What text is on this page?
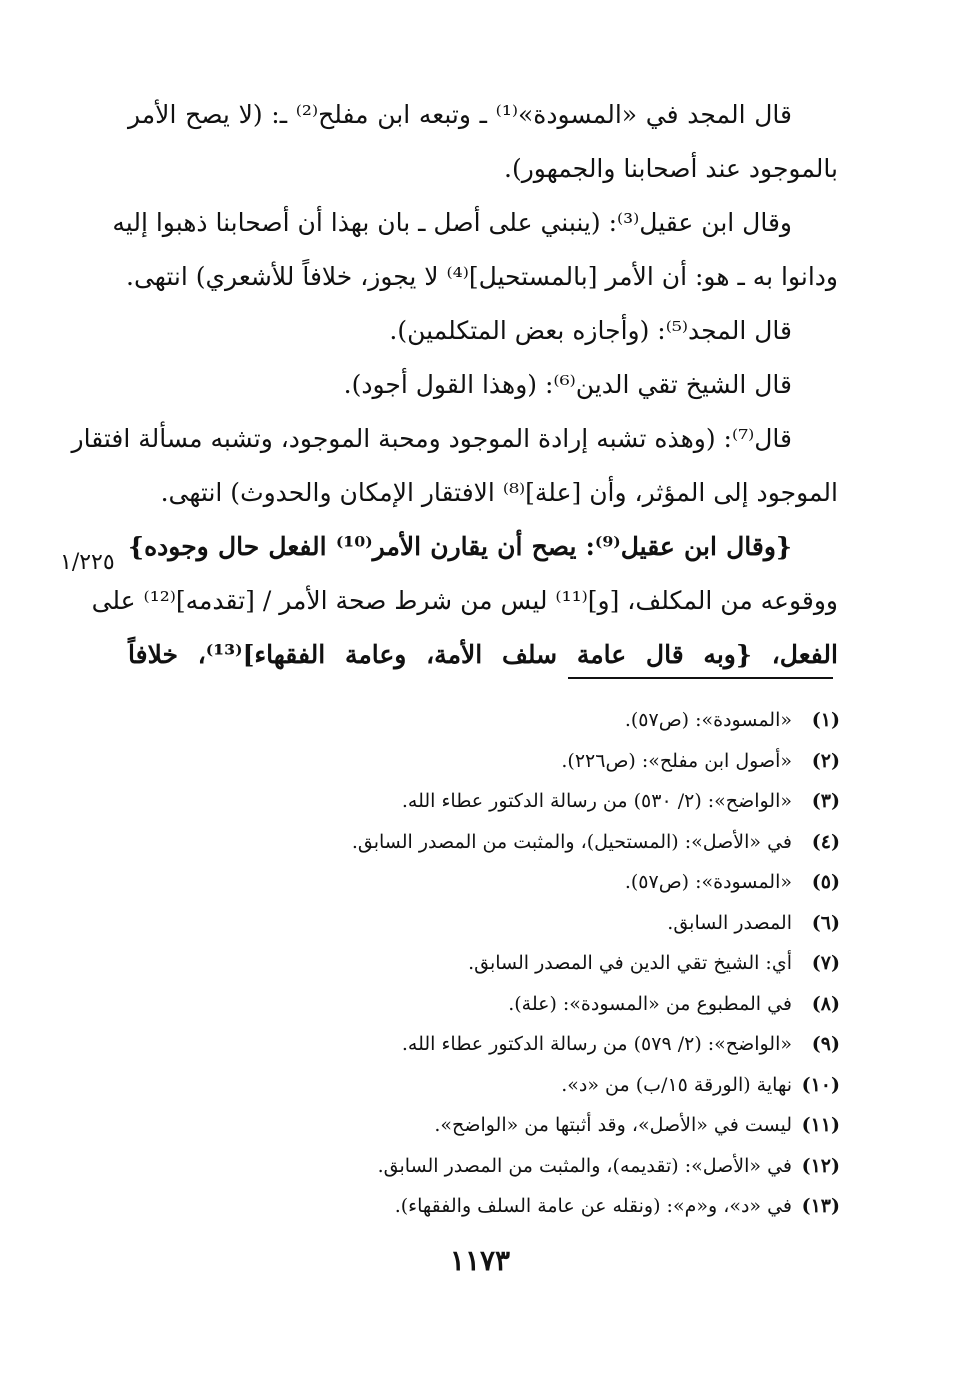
قال المجد في «المسودة»⁽¹⁾ ـ وتبعه ابن مفلح⁽²⁾ ـ: (لا يصح الأمر
بالموجود عند أصحابنا والجمهور).
وقال ابن عقيل⁽³⁾: (ينبني على أصل ـ بان بهذا أن أصحابنا ذهبوا إليه
ودانوا به ـ هو: أن الأمر [بالمستحيل]⁽⁴⁾ لا يجوز، خلافاً للأشعري) انتهى.
قال المجد⁽⁵⁾: (وأجازه بعض المتكلمين).
قال الشيخ تقي الدين⁽⁶⁾: (وهذا القول أجود).
قال⁽⁷⁾: (وهذه تشبه إرادة الموجود ومحبة الموجود، وتشبه مسألة افتقار
الموجود إلى المؤثر، وأن [علة]⁽⁸⁾ الافتقار الإمكان والحدوث) انتهى.
{وقال ابن عقيل⁽⁹⁾: يصح أن يقارن الأمر⁽¹⁰⁾ الفعل حال وجوده}
ووقوعه من المكلف، [و]⁽¹¹⁾ ليس من شرط صحة الأمر / [تقدمه]⁽¹²⁾ على
الفعل، {وبه قال عامة سلف الأمة، وعامة الفقهاء]⁽¹³⁾، خلافاً
١/٢٢٥
(١)«المسودة»: (ص٥٧).
(٢)«أصول ابن مفلح»: (ص٢٢٦).
(٣)«الواضح»: (٢/ ٥٣٠) من رسالة الدكتور عطاء الله.
(٤)في «الأصل»: (المستحيل)، والمثبت من المصدر السابق.
(٥)«المسودة»: (ص٥٧).
(٦)المصدر السابق.
(٧)أي: الشيخ تقي الدين في المصدر السابق.
(٨)في المطبوع من «المسودة»: (علة).
(٩)«الواضح»: (٢/ ٥٧٩) من رسالة الدكتور عطاء الله.
(١٠)نهاية (الورقة ١٥/ب) من «د».
(١١)ليست في «الأصل»، وقد أثبتها من «الواضح».
(١٢)في «الأصل»: (تقديمه)، والمثبت من المصدر السابق.
(١٣)في «د»، و«م»: (ونقله عن عامة السلف والفقهاء).
١١٧٣
